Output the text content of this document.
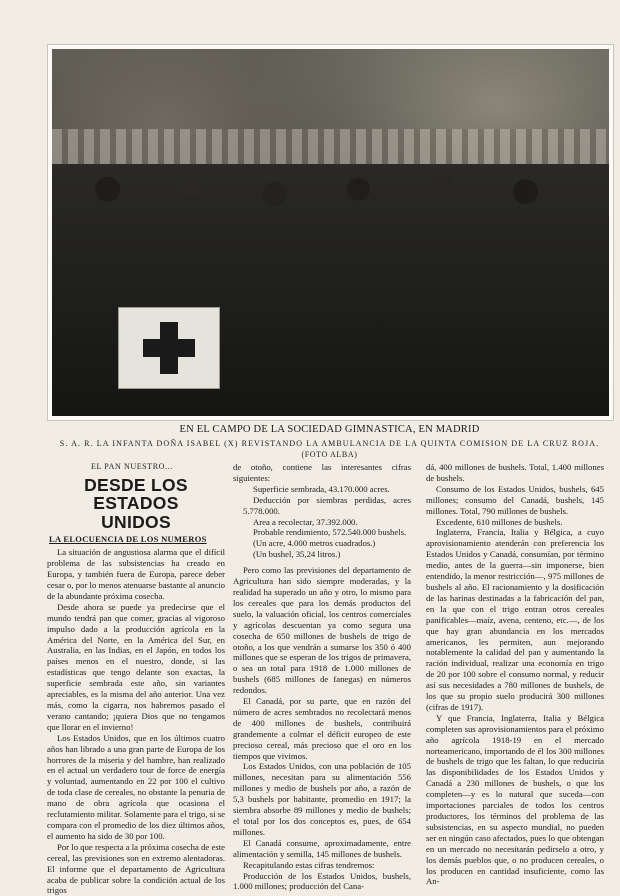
EN EL CAMPO DE LA SOCIEDAD GIMNASTICA, EN MADRID
S. A. R. LA INFANTA DOÑA ISABEL (X) REVISTANDO LA AMBULANCIA DE LA QUINTA COMISION DE LA CRUZ ROJA.
(FOTO ALBA)
EL PAN NUESTRO...
DESDE LOS ESTADOS
UNIDOS
LA ELOCUENCIA DE LOS NUMEROS

La situación de angustiosa alarma que el difícil problema de las subsistencias ha creado en Europa, y también fuera de Europa, parece deber cesar o, por lo menos atenuarse bastante al anuncio de la abundante próxima cosecha.

Desde ahora se puede ya predecirse que el mundo tendrá pan que comer, gracias al vigoroso impulso dado a la producción agrícola en la América del Norte, en la América del Sur, en Australia, en las Indias, en el Japón, en todos los países menos en el nuestro, donde, si las estadísticas que tengo delante son exactas, la superficie sembrada este año, sin variantes apreciables, es la misma del año anterior. Una vez más, como la cigarra, nos habremos pasado el verano cantando; ¡quiera Dios que no tengamos que llorar en el invierno!

Los Estados Unidos, que en los últimos cuatro años han librado a una gran parte de Europa de los horrores de la miseria y del hambre, han realizado en el actual un verdadero tour de force de energía y voluntad, aumentando en 22 por 100 el cultivo de toda clase de cereales, no obstante la penuria de mano de obra agrícola que ocasiona el reclutamiento militar. Solamente para el trigo, si se compara con el promedio de los diez últimos años, el aumento ha sido de 30 por 100.

Por lo que respecta a la próxima cosecha de este cereal, las previsiones son en extremo alentadoras. El informe que el departamento de Agricultura acaba de publicar sobre la condición actual de los trigos

de otoño, contiene las interesantes cifras siguientes:

Superficie sembrada, 43.170.000 acres.

Deducción por siembras perdidas, acres 5.778.000.

Area a recolectar, 37.392.000.

Probable rendimiento, 572.540.000 bushels.

(Un acre, 4.000 metros cuadrados.)

(Un bushel, 35,24 litros.)

Pero como las previsiones del departamento de Agricultura han sido siempre moderadas, y la realidad ha superado un año y otro, lo mismo para los cereales que para los demás productos del suelo, la valuación oficial, los centros comerciales y agrícolas descuentan ya como segura una cosecha de 650 millones de bushels de trigo de otoño, a los que vendrán a sumarse los 350 ó 400 millones que se esperan de los trigos de primavera, o sea un total para 1918 de 1.000 millones de bushels (685 millones de fanegas) en números redondos.

El Canadá, por su parte, que en razón del número de acres sembrados no recolectará menos de 400 millones de bushels, contribuirá grandemente a colmar el déficit europeo de este precioso cereal, más precioso que el oro en los tiempos que vivimos.

Los Estados Unidos, con una población de 105 millones, necesitan para su alimentación 556 millones y medio de bushels por año, a razón de 5,3 bushels por habitante, promedio en 1917; la siembra absorbe 89 millones y medio de bushels; el total por los dos conceptos es, pues, de 654 millones.

El Canadá consume, aproximadamente, entre alimentación y semilla, 145 millones de bushels.

Recapitulando estas cifras tendremos:

Producción de los Estados Unidos, bushels, 1.000 millones; producción del Cana-

dá, 400 millones de bushels. Total, 1.400 millones de bushels.

Consumo de los Estados Unidos, bushels, 645 millones; consumo del Canadá, bushels, 145 millones. Total, 790 millones de bushels.

Excedente, 610 millones de bushels.

Inglaterra, Francia, Italia y Bélgica, a cuyo aprovisionamiento atenderán con preferencia los Estados Unidos y Canadá, consumían, por término medio, antes de la guerra—sin imponerse, bien entendido, la menor restricción—, 975 millones de bushels al año. El racionamiento y la dosificación de las harinas destinadas a la fabricación del pan, en la que con el trigo entran otros cereales panificables—maíz, avena, centeno, etc.—, de los que hay gran abundancia en los mercados americanos, les permiten, aun mejorando notablemente la calidad del pan y aumentando la ración individual, realizar una economía en trigo de 20 por 100 sobre el consumo normal, y reducir así sus necesidades a 780 millones de bushels, de los que su propio suelo producirá 300 millones (cifras de 1917).

Y que Francia, Inglaterra, Italia y Bélgica completen sus aprovisionamientos para el próximo año agrícola 1918-19 en el mercado norteamericano, importando de él los 300 millones de bushels de trigo que les faltan, lo que reduciría las disponibilidades de los Estados Unidos y Canadá a 230 millones de bushels, o que los completen—y es lo natural que suceda—con importaciones parciales de todos los centros productores, los términos del problema de las subsistencias, en su aspecto mundial, no pueden ser en ningún caso afectados, pues lo que obtengan en un mercado no necesitarán pedirselo a otro, y los demás pueblos que, o no producen cereales, o los producen en cantidad insuficiente, como las An-
